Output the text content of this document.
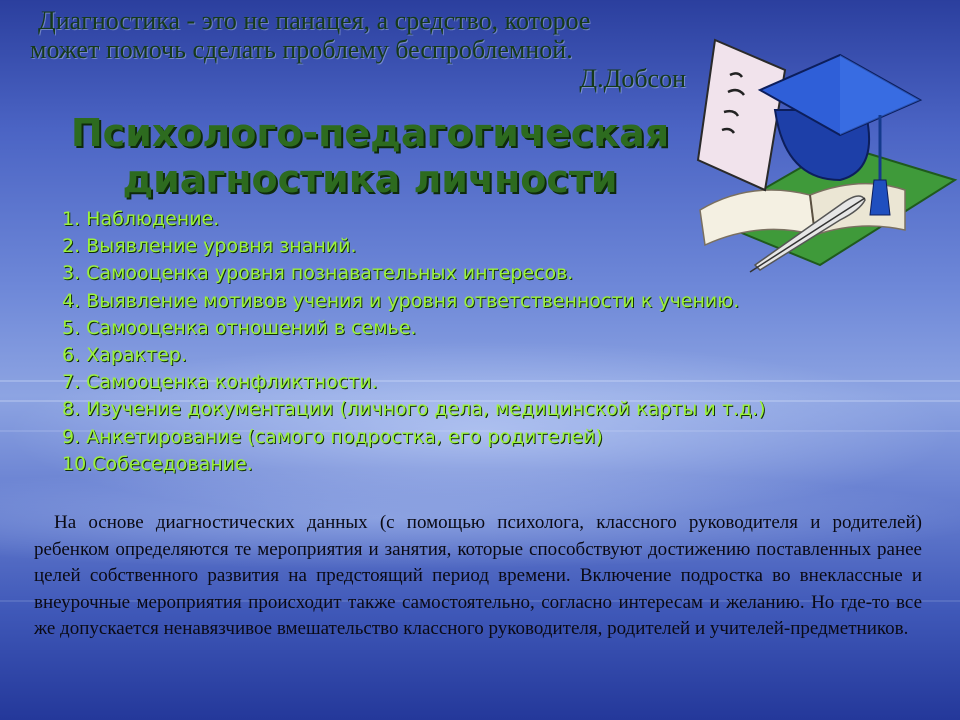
Диагностика - это не панацея, а средство, которое
может помочь сделать проблему беспроблемной.
Д.Добсон
Психолого-педагогическая
диагностика личности
1. Наблюдение.
2. Выявление уровня знаний.
3. Самооценка уровня познавательных интересов.
4. Выявление мотивов учения и уровня ответственности к учению.
5. Самооценка отношений в семье.
6. Характер.
7. Самооценка конфликтности.
8. Изучение документации (личного дела, медицинской карты и т.д.)
9. Анкетирование (самого подростка, его родителей)
10.Собеседование.
На основе диагностических данных (с помощью психолога, классного руководителя и родителей) ребенком определяются те мероприятия и занятия, которые способствуют достижению поставленных ранее целей собственного развития на предстоящий период времени. Включение подростка во внеклассные и внеурочные мероприятия происходит также самостоятельно, согласно интересам и желанию. Но где-то все же допускается ненавязчивое вмешательство классного руководителя, родителей и учителей-предметников.
